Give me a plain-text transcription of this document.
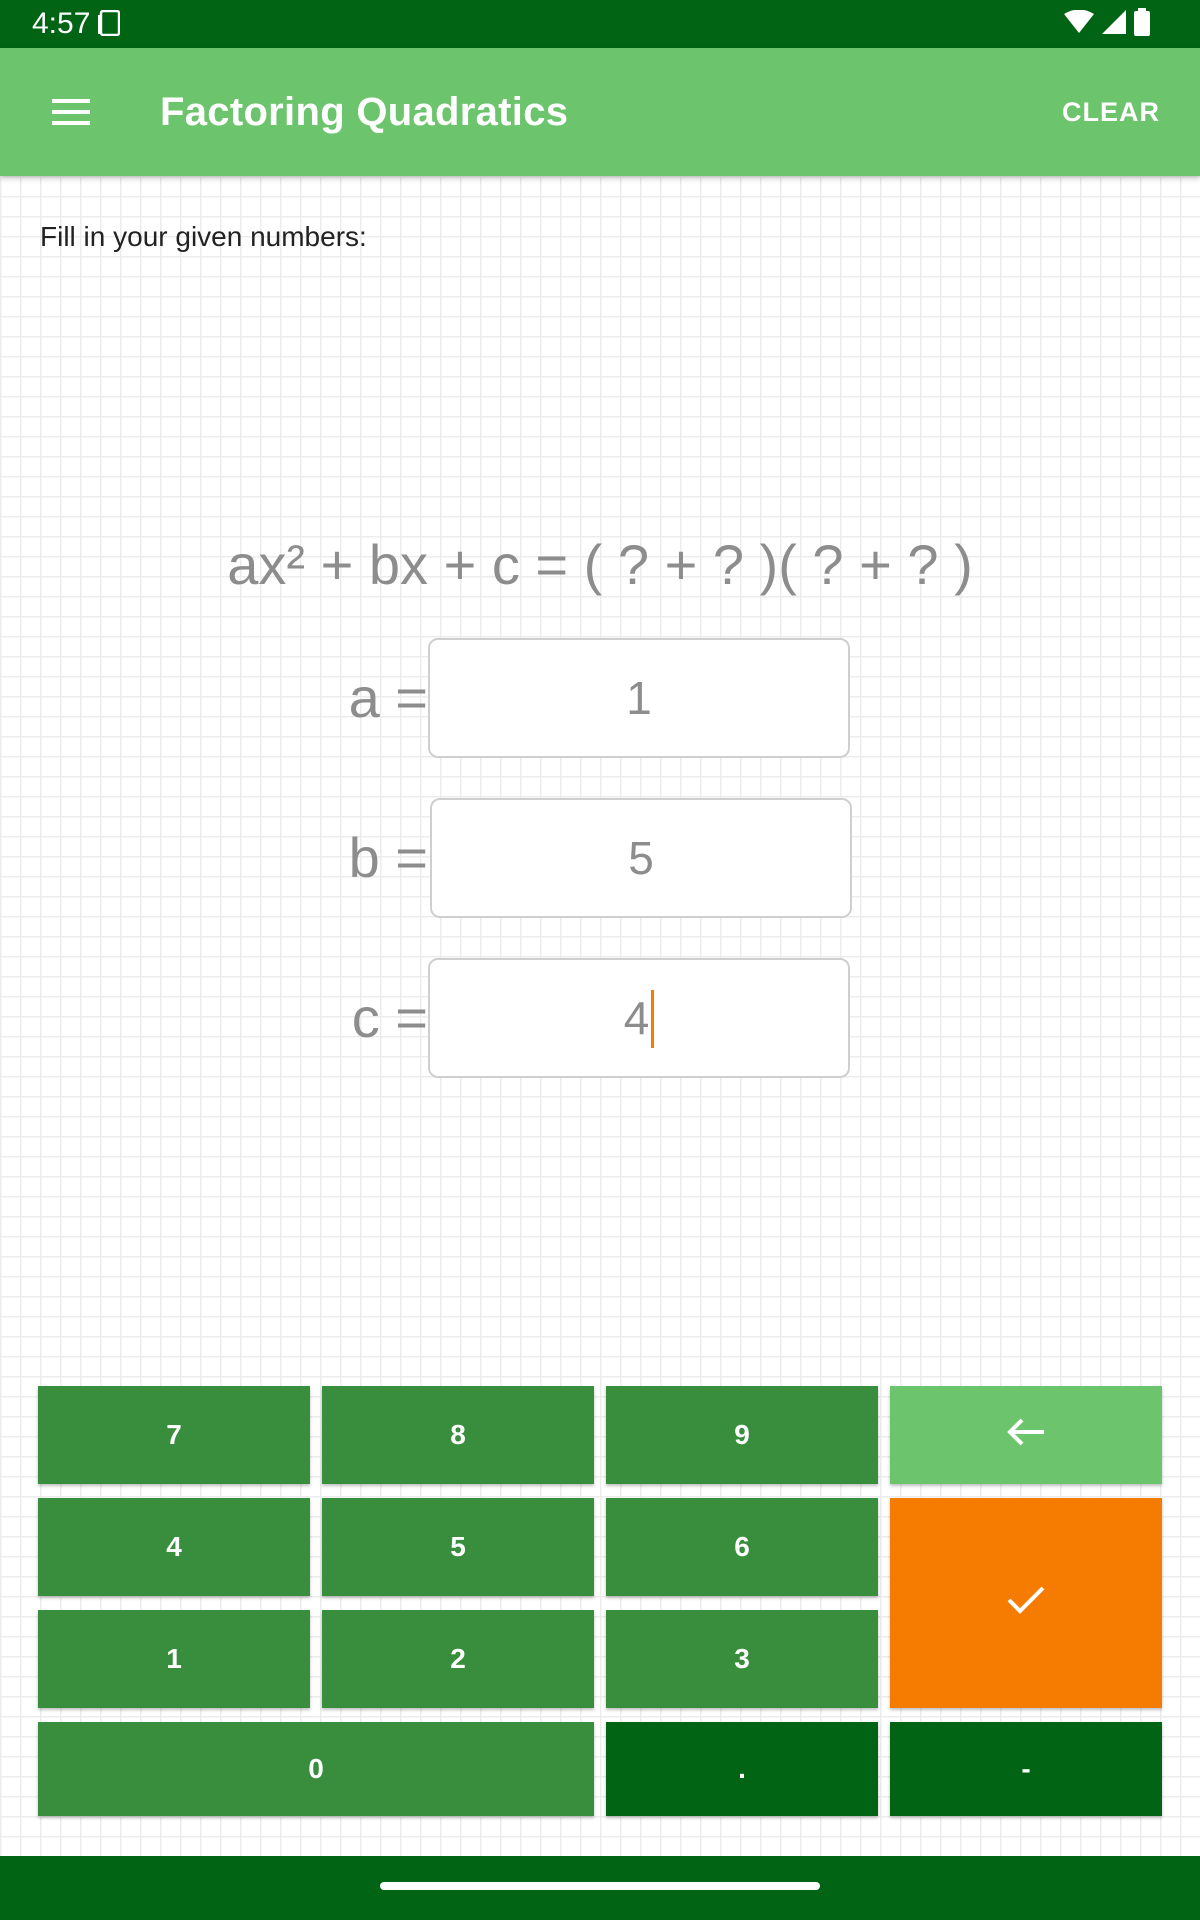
4:57
Factoring Quadratics	CLEAR
Fill in your given numbers:
ax² + bx + c = ( ? + ? )( ? + ? )
a =	1
b =	5
c =	4
7	8	9
4	5	6
1	2	3
0	.	-
